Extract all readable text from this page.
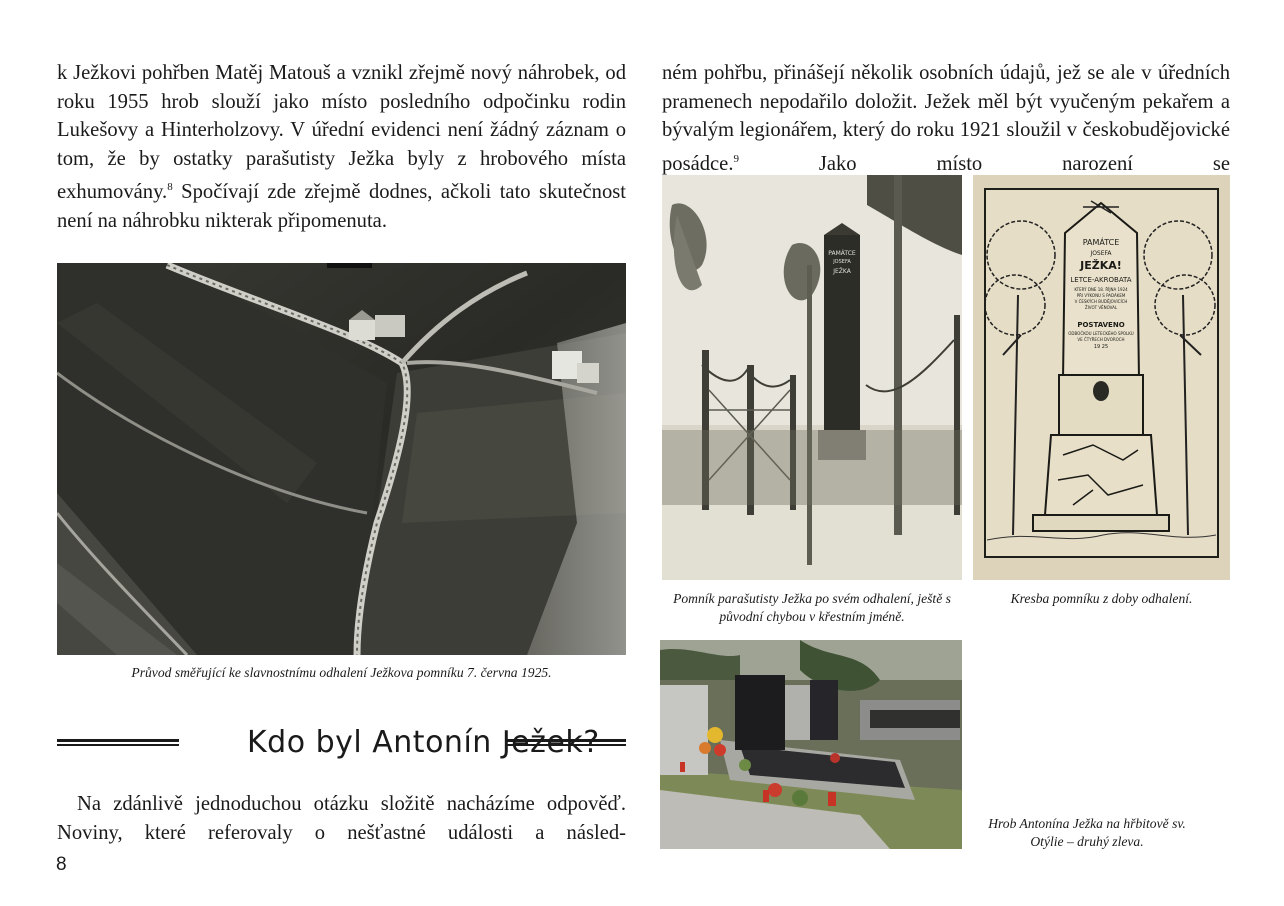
k Ježkovi pohřben Matěj Matouš a vznikl zřejmě nový náhrobek, od roku 1955 hrob slouží jako místo posledního odpočinku rodin Lukešovy a Hinterholzovy. V úřední evidenci není žádný záznam o tom, že by ostatky parašutisty Ježka byly z hrobového místa exhumovány.$^8$ Spočívají zde zřejmě dodnes, ačkoli tato skutečnost není na náhrobku nikterak připomenuta.

Průvod směřující ke slavnostnímu odhalení Ježkova pomníku 7. června 1925.
Kdo byl Antonín Ježek?

Na zdánlivě jednoduchou otázku složitě nacházíme odpověď. Noviny, které referovaly o nešťastné události a násled-

8

ném pohřbu, přinášejí několik osobních údajů, jež se ale v úředních pramenech nepodařilo doložit. Ježek měl být vyučeným pekařem a bývalým legionářem, který do roku 1921 sloužil v českobudějovické posádce.$^9$ Jako místo narození se

PAMÁTCE
JOSEFA
JEŽKA
Pomník parašutisty Ježka po svém odhalení, ještě s původní chybou v křestním jméně.
PAMÁTCE
JOSEFA
JEŽKA!
LETCE-AKROBATA
KTERÝ DNE 18. ŘÍJNA 1924
PŘI VÝKONU S PADÁKEM
V ČESKÝCH BUDĚJOVICÍCH
ŽIVOT VĚNOVAL
POSTAVENO
ODBOČKOU LETECKÉHO SPOLKU
VE ČTYŘECH DVOROCH
19 25
Kresba pomníku z doby odhalení.
Hrob Antonína Ježka na hřbitově sv. Otýlie – druhý zleva.
